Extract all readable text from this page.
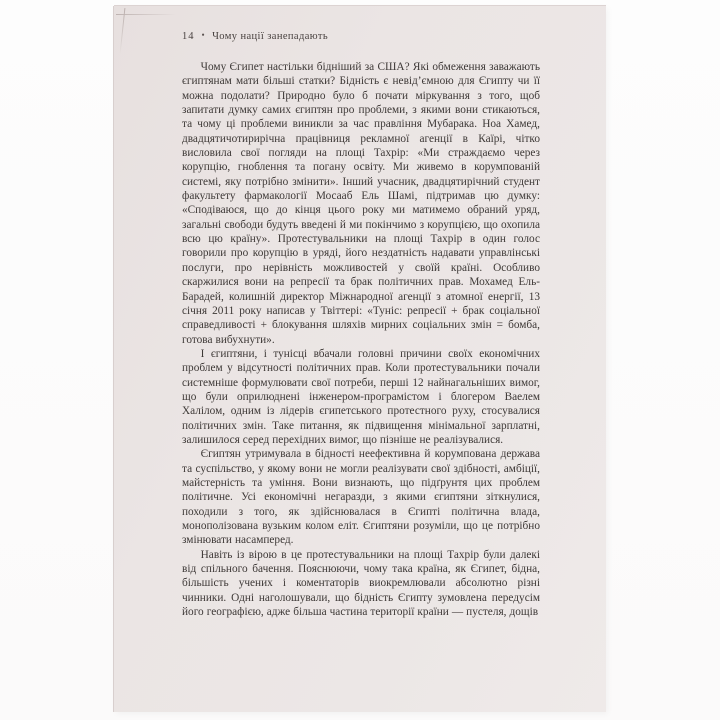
14 • Чому нації занепадають

Чому Єгипет настільки бідніший за США? Які обмеження заважають єгиптянам мати більші статки? Бідність є невід’ємною для Єгипту чи її можна подолати? Природно було б почати міркування з того, щоб запитати думку самих єгиптян про проблеми, з якими вони стикаються, та чому ці проблеми виникли за час правління Мубарака. Ноа Хамед, двадцятичотирирічна працівниця рекламної агенції в Каїрі, чітко висловила свої погляди на площі Тахрір: «Ми страждаємо через корупцію, гноблення та погану освіту. Ми живемо в корумпованій системі, яку потрібно змінити». Інший учасник, двадцятирічний студент факультету фармакології Мосааб Ель Шамі, підтримав цю думку: «Сподіваюся, що до кінця цього року ми матимемо обраний уряд, загальні свободи будуть введені й ми покінчимо з корупцією, що охопила всю цю країну». Протестувальники на площі Тахрір в один голос говорили про корупцію в уряді, його нездатність надавати управлінські послуги, про нерівність можливостей у своїй країні. Особливо скаржилися вони на репресії та брак політичних прав. Мохамед Ель-Барадей, колишній директор Міжнародної агенції з атомної енергії, 13 січня 2011 року написав у Твіттері: «Туніс: репресії + брак соціальної справедливості + блокування шляхів мирних соціальних змін = бомба, готова вибухнути».

І єгиптяни, і тунісці вбачали головні причини своїх економічних проблем у відсутності політичних прав. Коли протестувальники почали системніше формулювати свої потреби, перші 12 найнагальніших вимог, що були оприлюднені інженером-програмістом і блогером Ваелем Халілом, одним із лідерів єгипетського протестного руху, стосувалися політичних змін. Таке питання, як підвищення мінімальної зарплатні, залишилося серед перехідних вимог, що пізніше не реалізувалися.

Єгиптян утримувала в бідності неефективна й корумпована держава та суспільство, у якому вони не могли реалізувати свої здібності, амбіції, майстерність та уміння. Вони визнають, що підґрунтя цих проблем політичне. Усі економічні негаразди, з якими єгиптяни зіткнулися, походили з того, як здійснювалася в Єгипті політична влада, монополізована вузьким колом еліт. Єгиптяни розуміли, що це потрібно змінювати насамперед.

Навіть із вірою в це протестувальники на площі Тахрір були далекі від спільного бачення. Пояснюючи, чому така країна, як Єгипет, бідна, більшість учених і коментаторів виокремлювали абсолютно різні чинники. Одні наголошували, що бідність Єгипту зумовлена передусім його географією, адже більша частина території країни — пустеля, дощів
